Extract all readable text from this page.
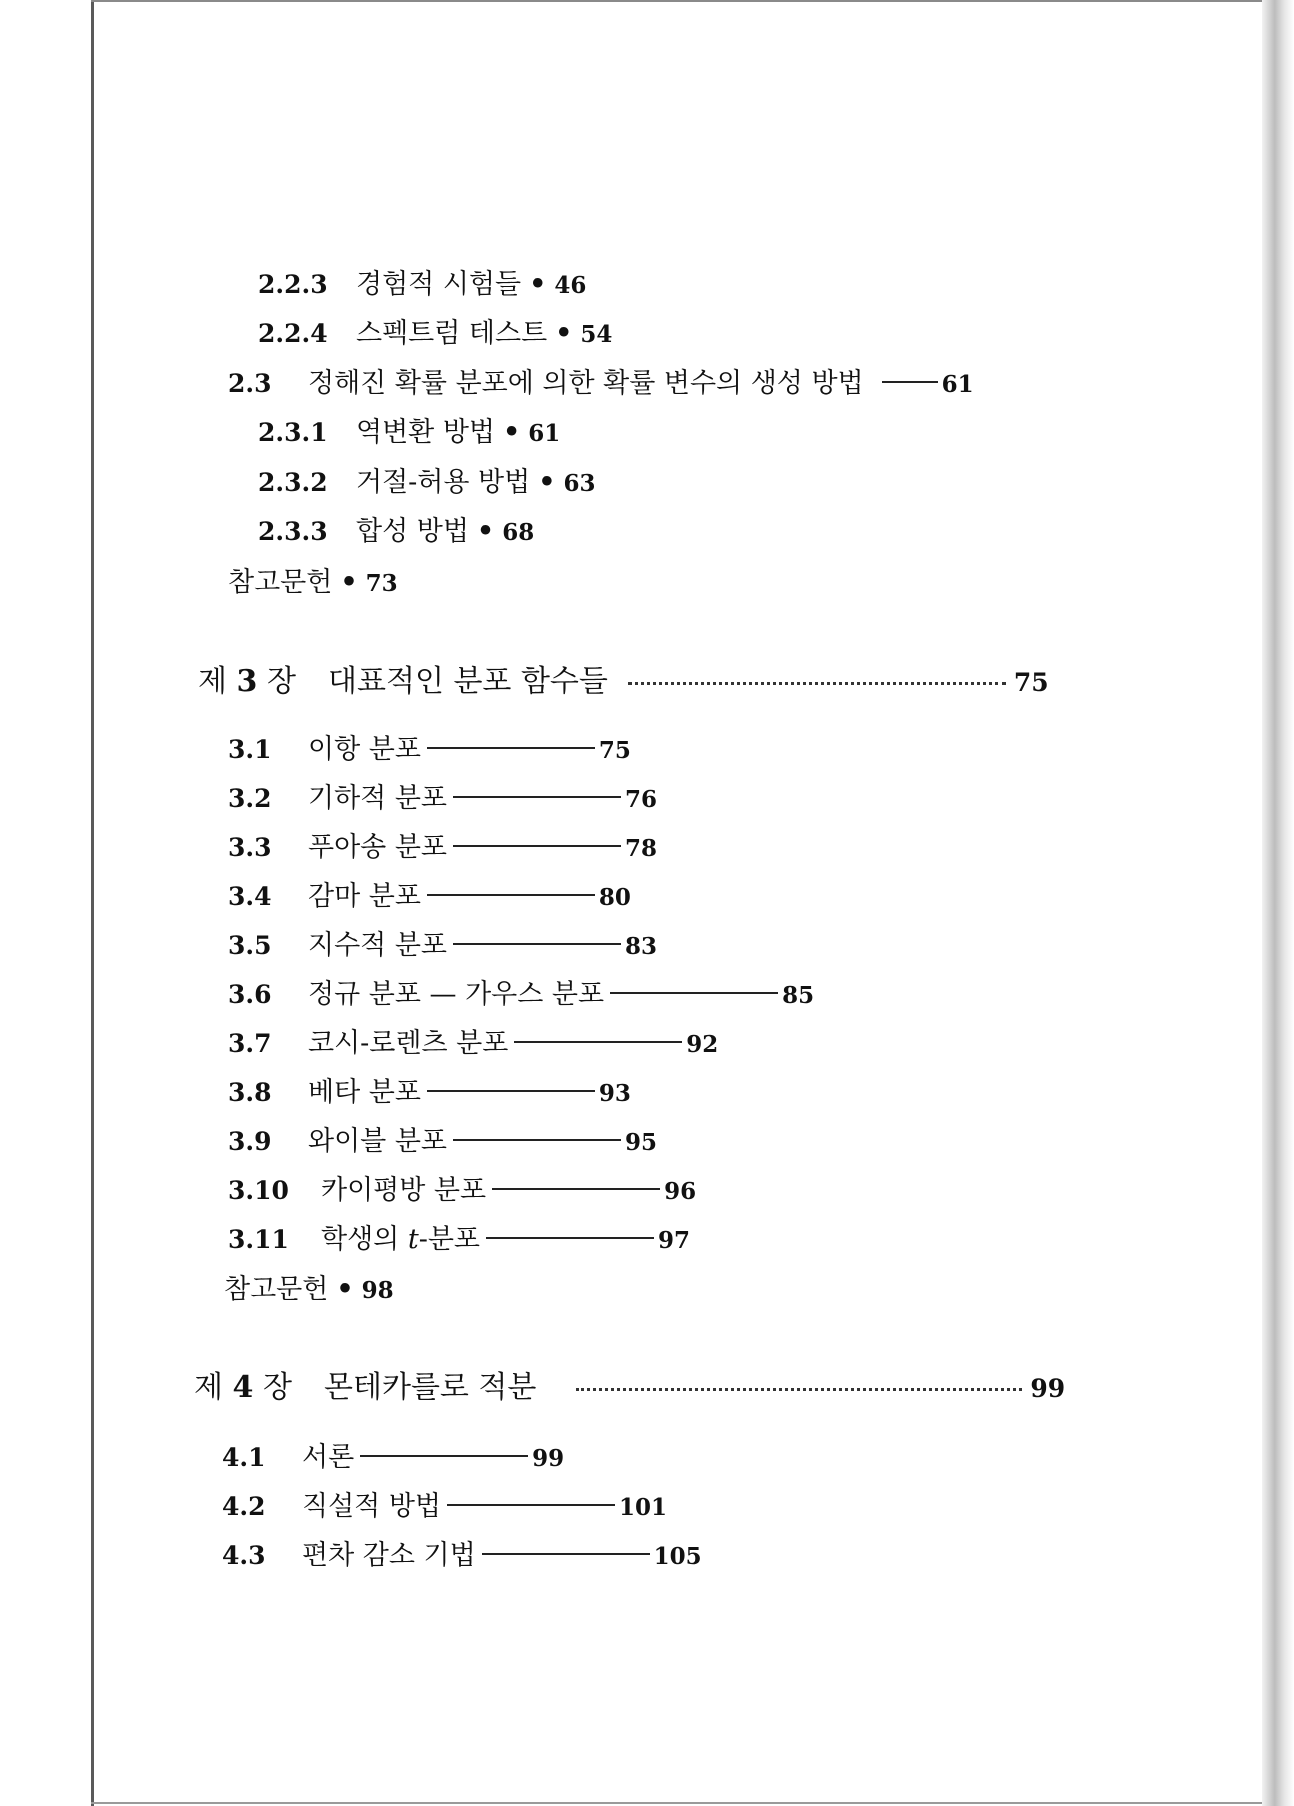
2.2.3	경험적 시험들 • 46
2.2.4	스펙트럼 테스트 • 54
2.3	정해진 확률 분포에 의한 확률 변수의 생성 방법	61
2.3.1	역변환 방법 • 61
2.3.2	거절-허용 방법 • 63
2.3.3	합성 방법 • 68
참고문헌 • 73
제 3 장	대표적인 분포 함수들	75
3.1	이항 분포	75
3.2	기하적 분포	76
3.3	푸아송 분포	78
3.4	감마 분포	80
3.5	지수적 분포	83
3.6	정규 분포 — 가우스 분포	85
3.7	코시-로렌츠 분포	92
3.8	베타 분포	93
3.9	와이블 분포	95
3.10	카이평방 분포	96
3.11	학생의 t-분포	97
참고문헌 • 98
제 4 장	몬테카를로 적분	99
4.1	서론	99
4.2	직설적 방법	101
4.3	편차 감소 기법	105
